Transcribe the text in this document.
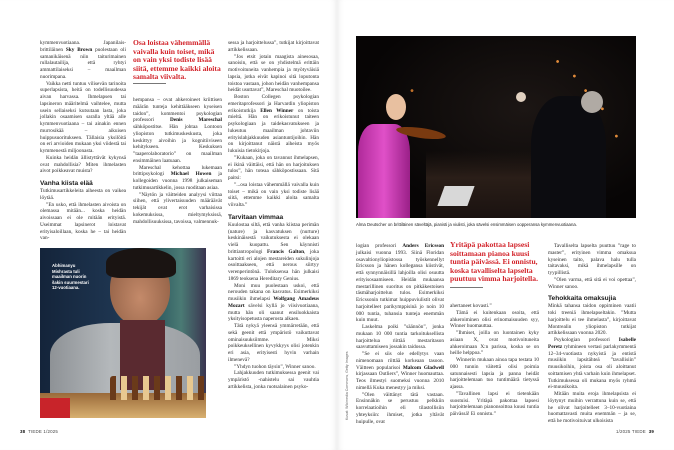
kymmenvuotiaana. Japanilais-brittiläinen Sky Brown puolestaan oli samanikäisenä niin taiturimainen rullalautailija, että ryhtyi ammattilaiseksi – maailman nuorimpana.

Vaikka netti tuntuu vilisevän tarinoita superlapsista, heitä on todellisuudessa aivan harvassa. Ihmelapsen tai lapsineron määritelmä vaihtelee, mutta usein sellaiseksi kutsutaan lasta, joka jollakin osaamisen saralla yltää alle kymmenvuotiaana – tai ainakin ennen murrosikää – aikuisen huippusuoritukseen. Tällaisia yksilöitä on eri arvioiden mukaan yksi viidestä tai kymmenestä miljoonasta.

Kuinka heidän ällistyttävät kykynsä ovat mahdollisia? Miten ihmelasten aivot poikkeavat muista?

Vanha kiista elää

Tutkimusartikkeleita aiheesta on vaikea löytää.

”En usko, että ihmelasten aivoista on olemassa mitään... koska heidän aivoissaan ei ole mitään erityistä. Useimmat lapsinerot loistavat erityisaloillaan, koska he – tai heidän van-

Osa loistaa vähemmällä vaivalla kuin toiset, mikä on vain yksi todiste lisää siitä, ettemme kaikki aloita samalta viivalta.

hempansa – ovat ahkeroineet kriittisen määrän tunteja kehittääkseen kyseisen taidon”, kommentoi psykologian professori Denis Mareschal sähköpostitse. Hän johtaa Lontoon yliopiston tutkimuskeskusta, joka keskittyy aivoihin ja kognitiiviseen kehitykseen. Keskuksen ”taaperolaboratorio” on maailman ensimmäinen laatuaan.

Mareschal kehottaa lukemaan brittipsykologi Michael Howen ja kollegoiden vuonna 1998 julkaiseman tutkimusartikkelin, jossa ruoditaan asiaa.

”Näytön ja väitteiden analyysi viittaa siihen, että ylivertaisuuden määräävät tekijät ovat erot varhaisissa kokemuksissa, mieltymyksissä, mahdollisuuksissa, tavoissa, valmennuk-

sessa ja harjoittelussa”, tutkijat kirjoittavat artikkelissaan.

”Jos etsit jotain maagista ainesosaa, sanoisin, että se on yhdistelmä erittäin motivoituneita vanhempia ja myötyväisiä lapsia, jotka eivät kapinoi sitä loputonta toistoa vastaan, johon heidän vanhempansa heidät usuttavat”, Mareschal muotoilee.

Boston Collegen psykologian emeritaprofessori ja Harvardin yliopiston erikoistutkija Ellen Winner on toista mieltä. Hän on erikoistunut taiteen psykologiaan ja taidekasvatukseen ja lukeutuu maailman johtaviin erityislahjakkuuden asiantuntijoihin. Hän on kirjoittanut näistä aiheista myös lukuisia tietokirjoja.

”Kukaan, joka on tavannut ihmelapsen, ei ikinä väittäisi, että hän on harjoituksen tulos”, hän toteaa sähköpostissaan. Sitä paitsi:

”...osa loistaa vähemmällä vaivalla kuin toiset – mikä on vain yksi todiste lisää siitä, ettemme kaikki aloita samalta viivalta.”

Tarvitaan vimmaa

Kuulostaa siltä, että vanha kiistaa perimän (nature) ja kasvatuksen (nurture) keskinäisestä vaikutuksesta ei olekaan vielä kuopattu. Sen käynnisti brittiantropologi Francis Galton, joka kartoitti eri alojen mestareiden sukulinjoja osoittaakseen, että nerous siirtyy verenperintönä. Tuloksensa hän julkaisi 1869 teoksena Hereditary Genius.

Moni muu puolestaan uskoi, että nerouden takana on kasvatus. Esimerkiksi musiikin ihmelapsi Wolfgang Amadeus Mozart sävelsi kyllä jo viisivuotiaana, mutta hän oli saanut ensiluokkaista yksityisopetusta naperosta alkaen.

Tätä nykyä yleensä ymmärretään, että sekä geenit että ympäristö vaikuttavat ominaisuuksiimme. Miksi poikkeuksellinen kyvykkyys olisi jotenkin eri asia, erityisesti hyvin varhain ilmenevä?

”Yhdyn tuohon täysin”, Winner sanoo.

Lahjakkuuden tutkimuksessa geenit vai ympäristö -nahistelu sai vauhtia artikkelista, jonka ruotsalainen psyko-

Abhimanyu Mishrasta tuli maailman nuorin šakin suurmestari 12-vuotiaana.
38 TIEDE 1/2025
Alma Deutscher on brittiläinen säveltäjä, pianisti ja viulisti, joka sävelsi ensimmäisen oopperansa kymmenvuotiaana.
Kuvat: Wikimedia Commons, Getty Images

logian professori Anders Ericsson julkaisi vuonna 1993. Siinä Floridan osavaltionyliopistossa työskennellyt Ericsson ja hänen kollegansa kiistivät, että synnynnäisillä lahjoilla olisi osuutta erityisosaamiseen. Heidän mukaansa mestarillinen suoritus on pitkäkestoisen täsmäharjoittelun tulos. Esimerkiksi Ericssonin tutkimat huippuviulistit olivat harjoitelleet parikymppisinä jo noin 10 000 tuntia, tuhansia tunteja enemmän kuin muut.

Laskelma poiki ”säännön”, jonka mukaan 10 000 tuntia tarkoituksellista harjoittelua riittää mestaritason saavuttamiseen jossakin taidossa.

”Se ei siis ole edellytys vaan nimenomaan riittää korkeaan tasoon. Väitteen popularisoi Malcom Gladwell kirjassaan Outliers”, Winner huomauttaa. Teos ilmestyi suomeksi vuonna 2010 nimellä Kuka menestyy ja miksi.

”Olen väittänyt tätä vastaan. Ensinnäkin se perustuu pelkkiin korrelaatioihin eli tilastollisiin yhteyksiin: ihmiset, jotka yltävät huipulle, ovat

Yritäpä pakottaa lapsesi soittamaan pianoa kuusi tuntia päivässä. Ei onnistu, koska tavalliselta lapselta puuttuu vimma harjoitella.

ahertaneet kovasti.”

Tämä ei kuitenkaan osoita, että ahkeroiminen olisi erinomaisuuden syy, Winner huomauttaa.

”Ihmiset, joilla on luontainen kyky asiaan X, ovat motivoituneita ahkeroimaan X:n parissa, koska se on heille helppoa.”

Winnerin mukaan ainoa tapa testata 10 000 tunnin väitettä olisi poimia satunnaisesti lapsia ja panna heidät harjoittelemaan tuo tuntimäärä tietyssä ajassa.

”Tavallinen lapsi ei tietenkään suostuisi. Yritäpä pakottaa lapsesi harjoittelemaan pianonsoittoa kuusi tuntia päivässä! Ei onnistu.”

Tavalliselta lapselta puuttuu ”rage to master”, erityinen vimma omaksua kyseinen taito, palava halu tulla taitavaksi, mikä ihmelapsille on tyypillistä.

”Olen varma, että sitä ei voi opettaa”, Winner sanoo.

Tehokkaita omaksujia

Minkä tahansa taidon oppiminen vaatii toki treeniä ihmelapseltakin. ”Mutta harjoittelu ei tee ihmelasta”, kirjoittavat Montrealin yliopiston tutkijat artikkelissaan vuonna 2020.

Psykologian professori Isabelle Peretz ryhmineen vertasi parlakymmentä 12–34-vuotiasta nykyistä ja entistä musiikin lapsitähteä ”tavallisiin” muusikoihin, joista osa oli aloittanut soittamisen yhtä varhain kuin ihmelapset. Tutkimuksessa oli mukana myös ryhmä ei-muusikoita.

Mitään muita eroja ihmelapsista ei löytynyt muihin verrattuna kuin se, että he olivat harjoitelleet 3–10-vuotiaina huomattavasti muita enemmän – ja se, että he motivoituivat ulkoisista

1/2025 TIEDE 39
